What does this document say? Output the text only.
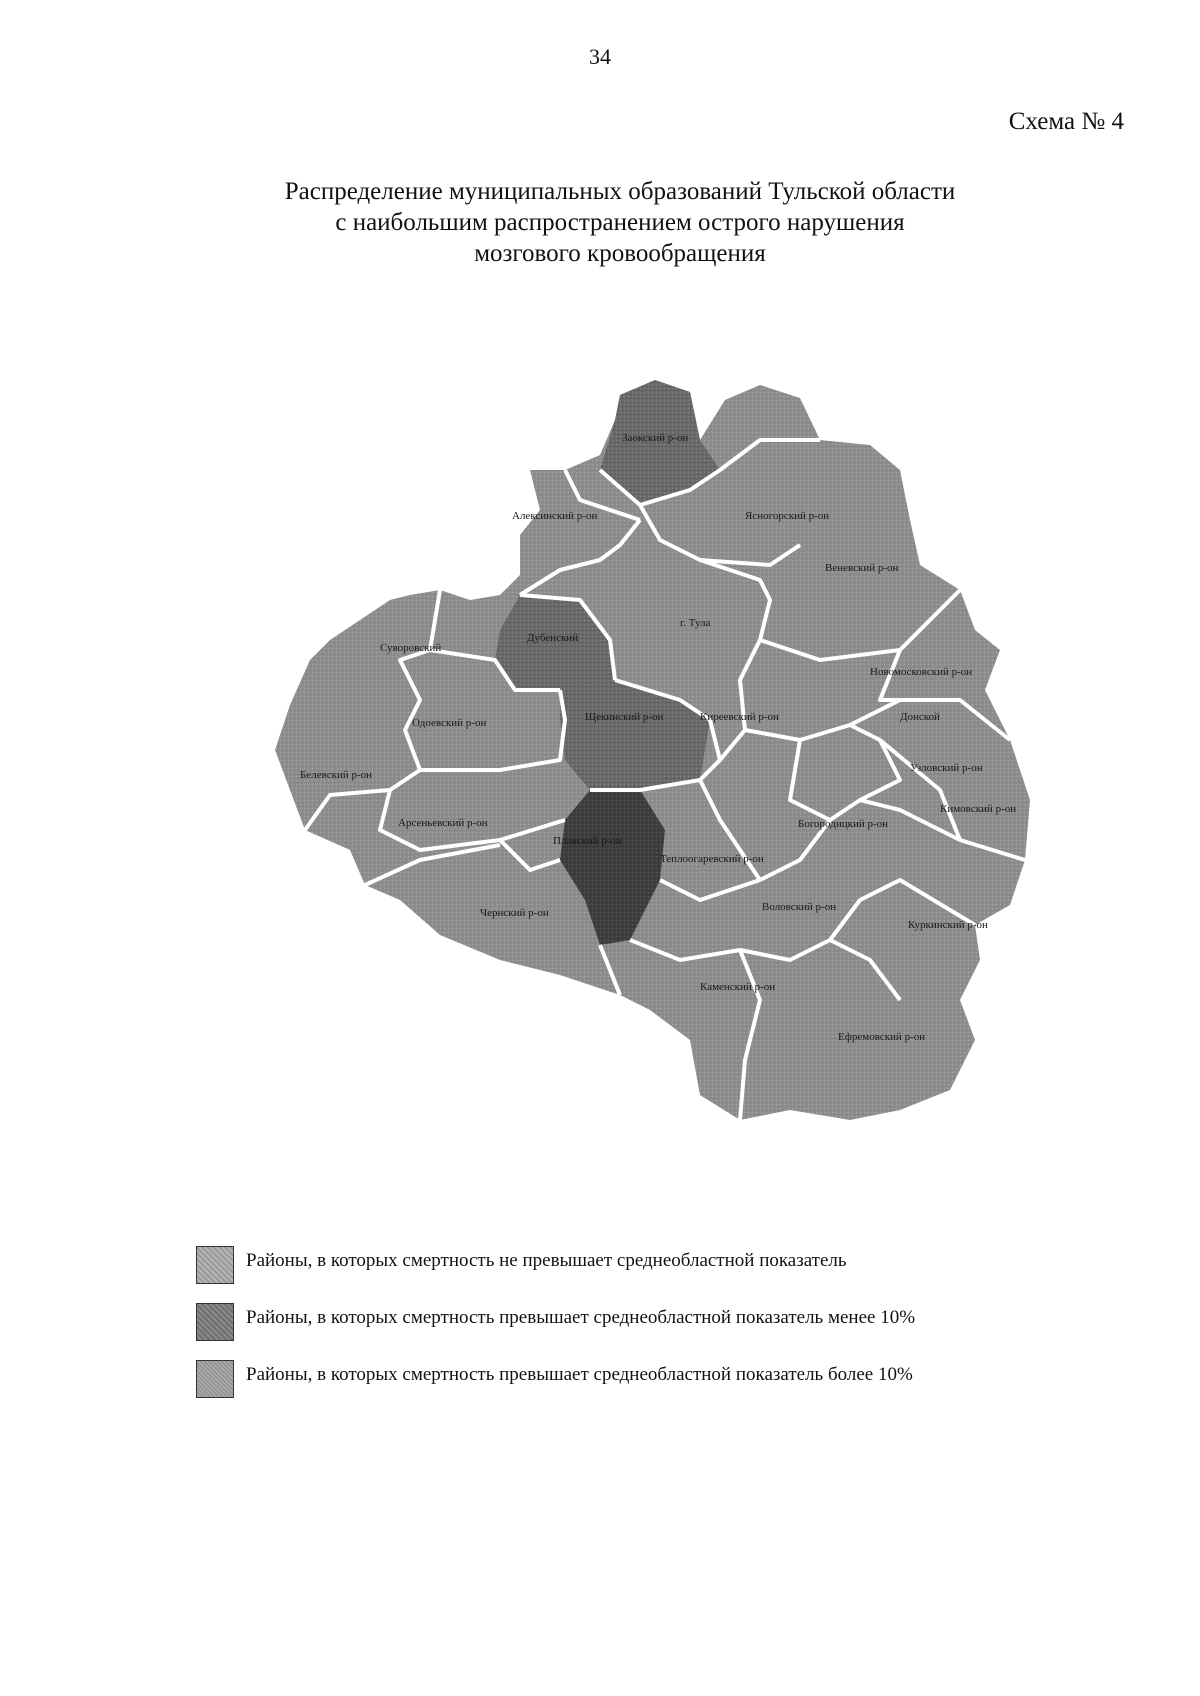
34
Схема № 4
Распределение муниципальных образований Тульской области
с наибольшим распространением острого нарушения
мозгового кровообращения
Заокский р-он
Алексинский р-он	Ясногорский р-он
Веневский р-он
г. Тула
Дубенский
Суворовский
Новомосковский р-он
Одоевский р-он	Щекинский р-он	Киреевский р-он	Донской
Белевский р-он
Узловский р-он
Кимовский р-он
Арсеньевский р-он
Плавский р-он
Теплоогаревский р-он
Богородицкий р-он
Чернский р-он	Воловский р-он
Куркинский р-он
Каменский р-он
Ефремовский р-он
Районы, в которых смертность не превышает среднеобластной показатель
Районы, в которых смертность превышает среднеобластной показатель менее 10%
Районы, в которых смертность превышает среднеобластной показатель более 10%
